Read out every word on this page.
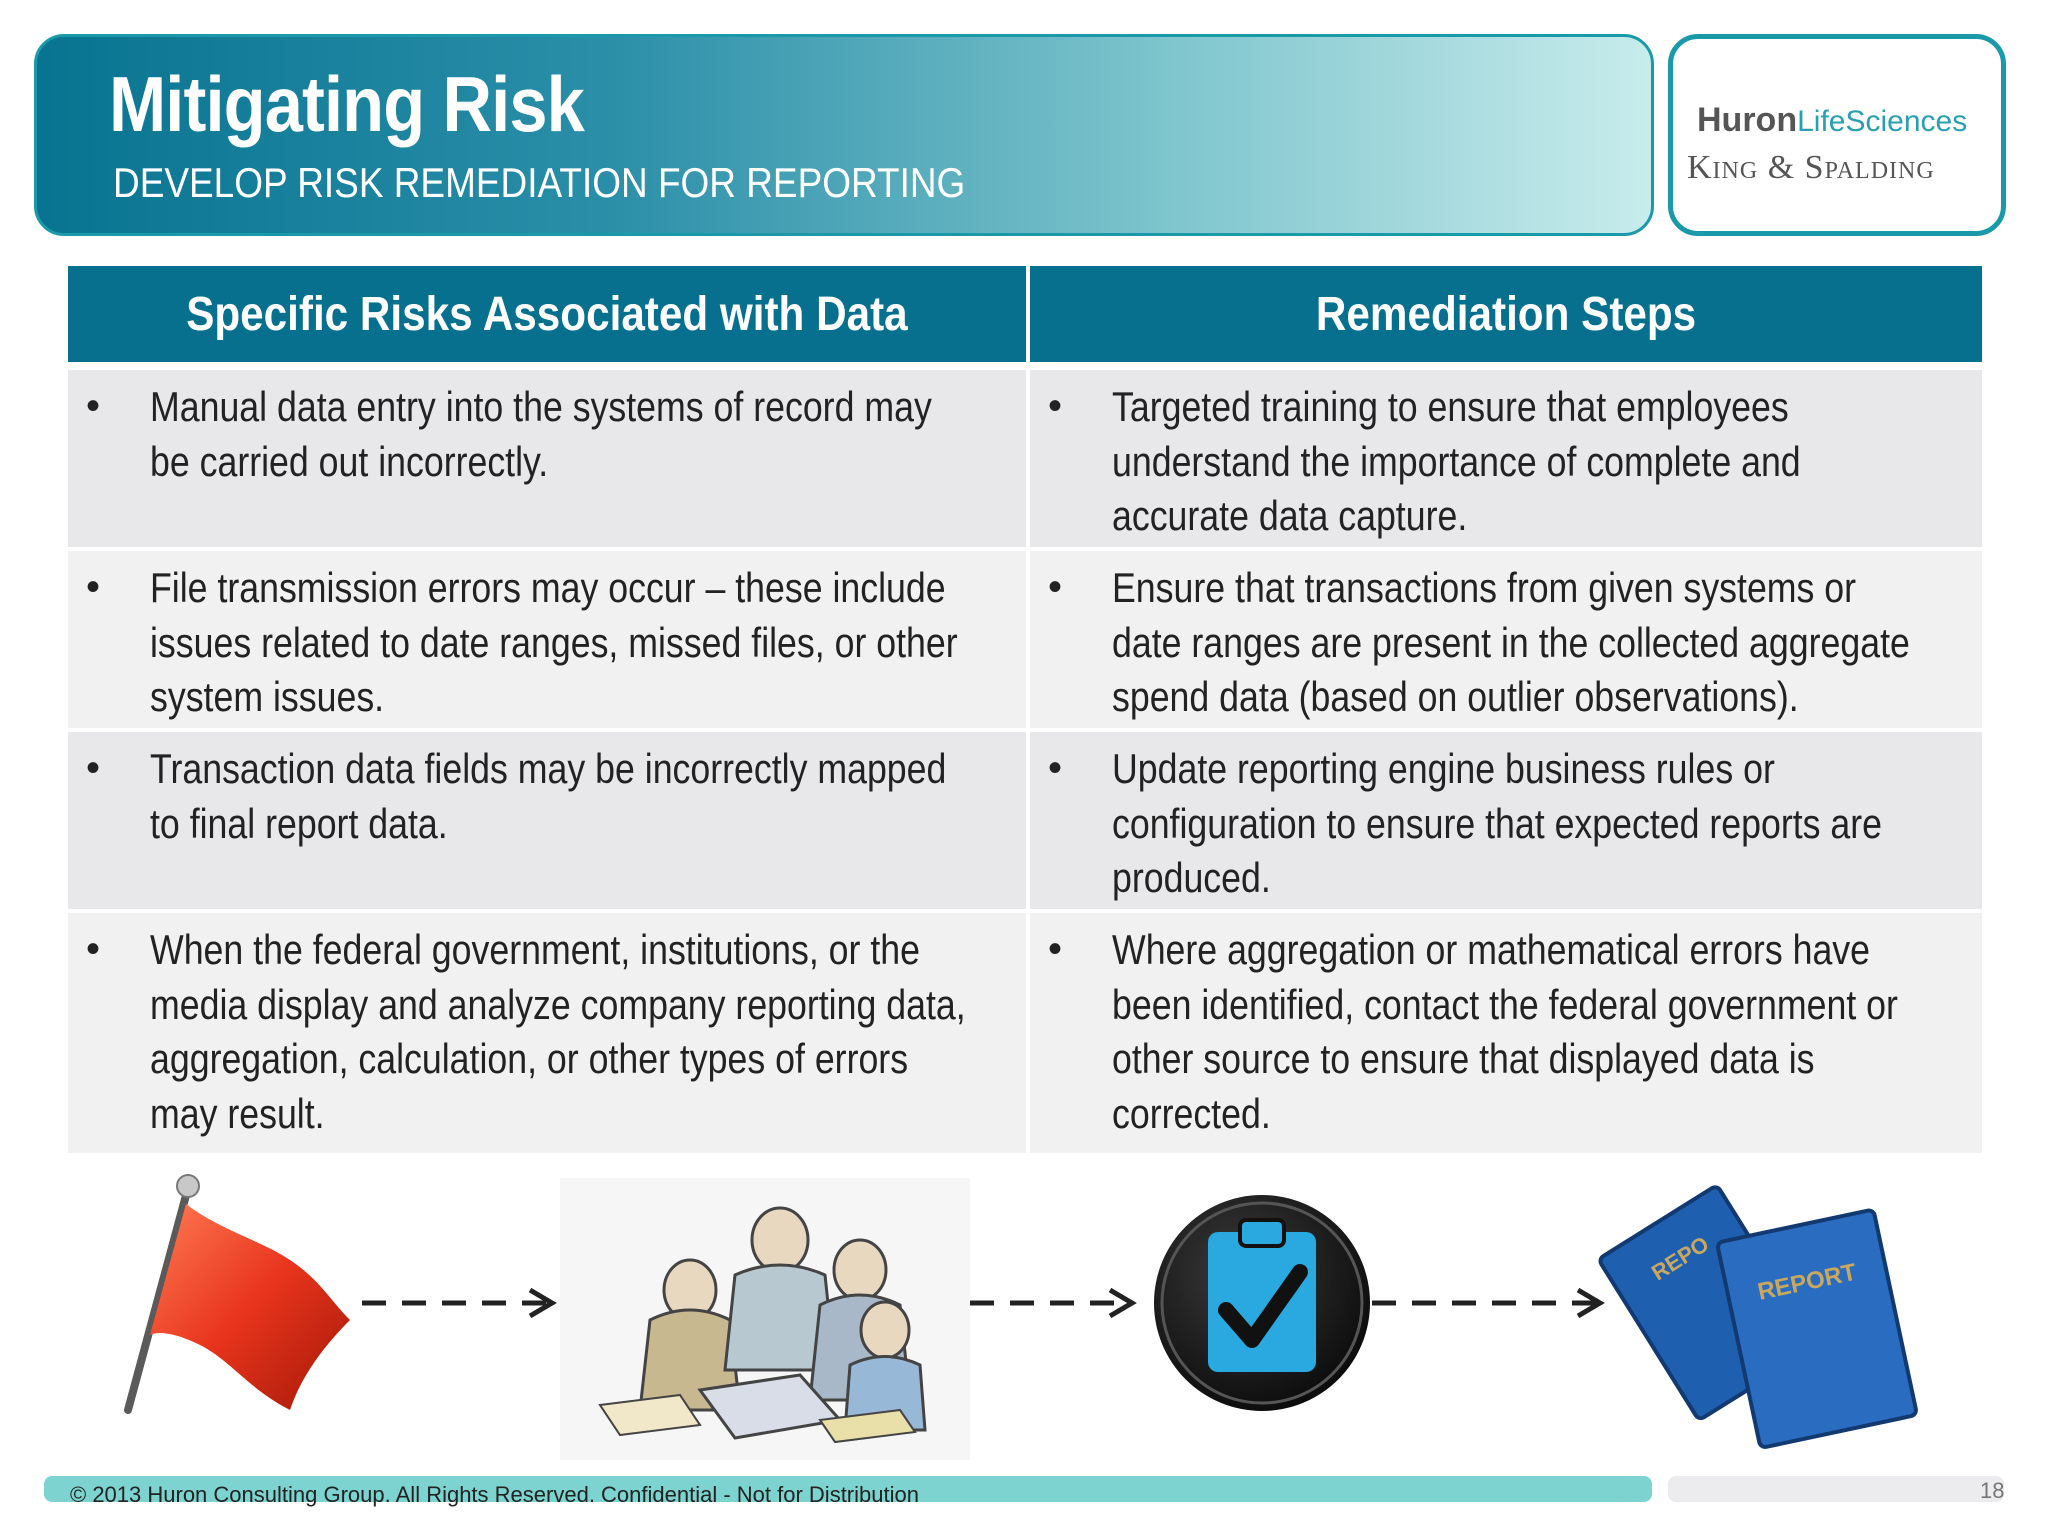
Mitigating Risk
DEVELOP RISK REMEDIATION FOR REPORTING
HuronLifeSciences
King & Spalding
Specific Risks Associated with Data	Remediation Steps
• Manual data entry into the systems of record may be carried out incorrectly.
• Targeted training to ensure that employees understand the importance of complete and accurate data capture.
• File transmission errors may occur – these include issues related to date ranges, missed files, or other system issues.
• Ensure that transactions from given systems or date ranges are present in the collected aggregate spend data (based on outlier observations).
• Transaction data fields may be incorrectly mapped to final report data.
• Update reporting engine business rules or configuration to ensure that expected reports are produced.
• When the federal government, institutions, or the media display and analyze company reporting data, aggregation, calculation, or other types of errors may result.
• Where aggregation or mathematical errors have been identified, contact the federal government or other source to ensure that displayed data is corrected.
REPO REPORT
© 2013 Huron Consulting Group. All Rights Reserved. Confidential - Not for Distribution	18
